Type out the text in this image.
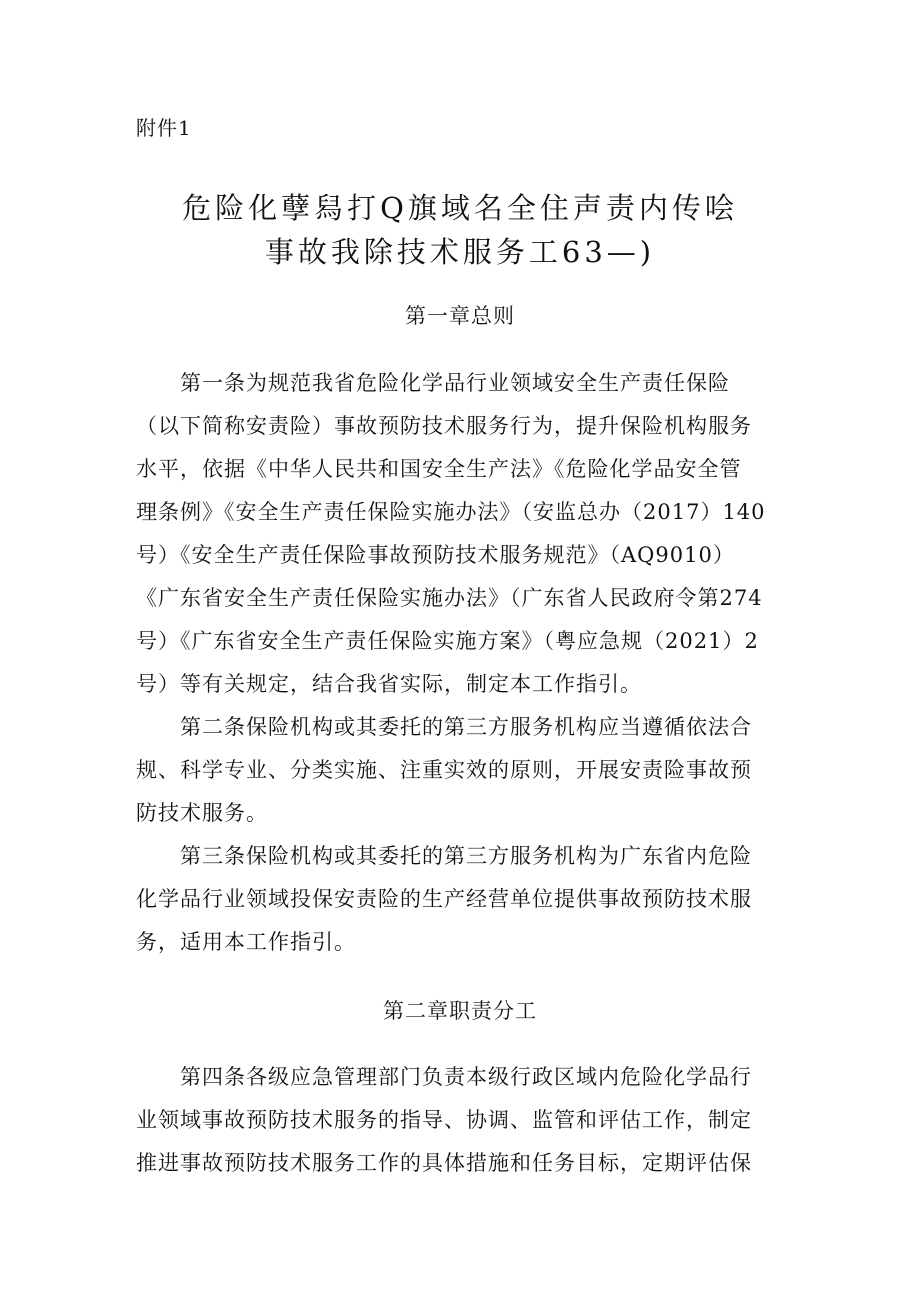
附件1
危险化孽舄打Q旗域名全住声责内传哙
事故我除技术服务工63—)
第一章总则
第一条为规范我省危险化学品行业领域安全生产责任保险
（以下简称安责险）事故预防技术服务行为，提升保险机构服务
水平，依据《中华人民共和国安全生产法》《危险化学品安全管
理条例》《安全生产责任保险实施办法》（安监总办（2017）140
号）《安全生产责任保险事故预防技术服务规范》（AQ9010）
《广东省安全生产责任保险实施办法》（广东省人民政府令第274
号）《广东省安全生产责任保险实施方案》（粤应急规（2021）2
号）等有关规定，结合我省实际，制定本工作指引。
第二条保险机构或其委托的第三方服务机构应当遵循依法合
规、科学专业、分类实施、注重实效的原则，开展安责险事故预
防技术服务。
第三条保险机构或其委托的第三方服务机构为广东省内危险
化学品行业领域投保安责险的生产经营单位提供事故预防技术服
务，适用本工作指引。
第二章职责分工
第四条各级应急管理部门负责本级行政区域内危险化学品行
业领域事故预防技术服务的指导、协调、监管和评估工作，制定
推进事故预防技术服务工作的具体措施和任务目标，定期评估保
